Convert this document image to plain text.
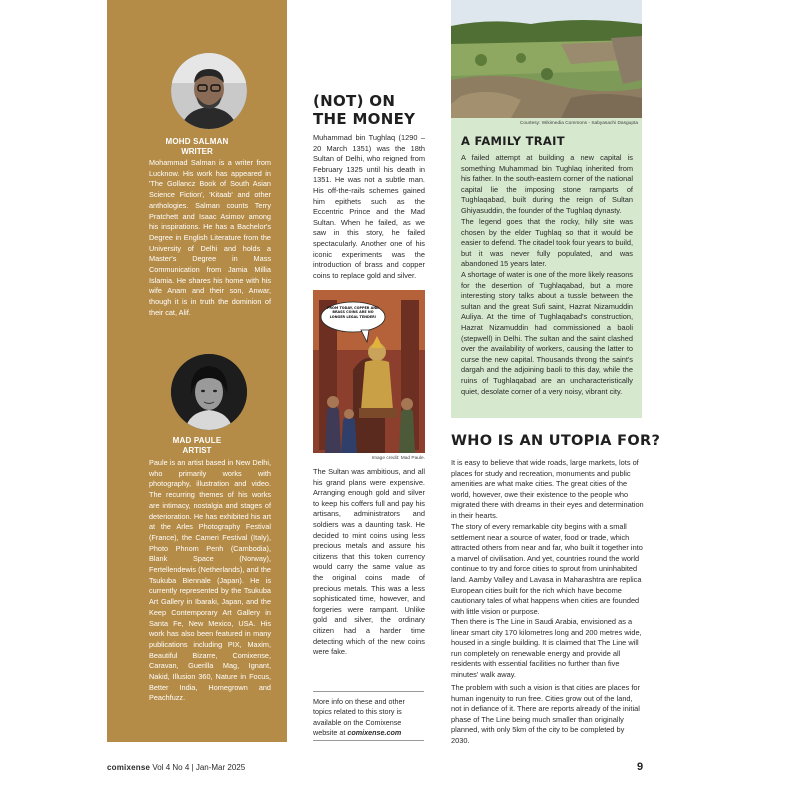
MOHD SALMAN
WRITER
Mohammad Salman is a writer from Lucknow. His work has appeared in 'The Gollancz Book of South Asian Science Fiction', 'Kitaab' and other anthologies. Salman counts Terry Pratchett and Isaac Asimov among his inspirations. He has a Bachelor's Degree in English Literature from the University of Delhi and holds a Master's Degree in Mass Communication from Jamia Millia Islamia. He shares his home with his wife Anam and their son, Anwar, though it is in truth the dominion of their cat, Alif.
MAD PAULE
ARTIST
Paule is an artist based in New Delhi, who primarily works with photography, illustration and video. The recurring themes of his works are intimacy, nostalgia and stages of deterioration. He has exhibited his art at the Arles Photography Festival (France), the Cameri Festival (Italy), Photo Phnom Penh (Cambodia), Blank Space (Norway), Fertellendewis (Netherlands), and the Tsukuba Biennale (Japan). He is currently represented by the Tsukuba Art Gallery in Ibaraki, Japan, and the Keep Contemporary Art Gallery in Santa Fe, New Mexico, USA. His work has also been featured in many publications including PIX, Maxim, Beautiful Bizarre, Comixense, Caravan, Guerilla Mag, Ignant, Nakid, Illusion 360, Nature in Focus, Better India, Homegrown and Peachfuzz.
(NOT) ON
THE MONEY
Muhammad bin Tughlaq (1290 – 20 March 1351) was the 18th Sultan of Delhi, who reigned from February 1325 until his death in 1351. He was not a subtle man. His off-the-rails schemes gained him epithets such as the Eccentric Prince and the Mad Sultan. When he failed, as we saw in this story, he failed spectacularly. Another one of his iconic experiments was the introduction of brass and copper coins to replace gold and silver.
FROM TODAY, COPPER AND BRASS COINS ARE NO LONGER LEGAL TENDER!
Image credit: Mad Paule.
The Sultan was ambitious, and all his grand plans were expensive. Arranging enough gold and silver to keep his coffers full and pay his artisans, administrators and soldiers was a daunting task. He decided to mint coins using less precious metals and assure his citizens that this token currency would carry the same value as the original coins made of precious metals. This was a less sophisticated time, however, and forgeries were rampant. Unlike gold and silver, the ordinary citizen had a harder time detecting which of the new coins were fake.
More info on these and other topics related to this story is available on the Comixense website at comixense.com
Courtesy: Wikimedia Commons - Sabyasachi Dasgupta
A FAMILY TRAIT
A failed attempt at building a new capital is something Muhammad bin Tughlaq inherited from his father. In the south-eastern corner of the national capital lie the imposing stone ramparts of Tughlaqabad, built during the reign of Sultan Ghiyasuddin, the founder of the Tughlaq dynasty.
The legend goes that the rocky, hilly site was chosen by the elder Tughlaq so that it would be easier to defend. The citadel took four years to build, but it was never fully populated, and was abandoned 15 years later.
A shortage of water is one of the more likely reasons for the desertion of Tughlaqabad, but a more interesting story talks about a tussle between the sultan and the great Sufi saint, Hazrat Nizamuddin Auliya. At the time of Tughlaqabad's construction, Hazrat Nizamuddin had commissioned a baoli (stepwell) in Delhi. The sultan and the saint clashed over the availability of workers, causing the latter to curse the new capital. Thousands throng the saint's dargah and the adjoining baoli to this day, while the ruins of Tughlaqabad are an uncharacteristically quiet, desolate corner of a very noisy, vibrant city.
WHO IS AN UTOPIA FOR?
It is easy to believe that wide roads, large markets, lots of places for study and recreation, monuments and public amenities are what make cities. The great cities of the world, however, owe their existence to the people who migrated there with dreams in their eyes and determination in their hearts.
The story of every remarkable city begins with a small settlement near a source of water, food or trade, which attracted others from near and far, who built it together into a marvel of civilisation. And yet, countries round the world continue to try and force cities to sprout from uninhabited land. Aamby Valley and Lavasa in Maharashtra are replica European cities built for the rich which have become cautionary tales of what happens when cities are founded with little vision or purpose.
Then there is The Line in Saudi Arabia, envisioned as a linear smart city 170 kilometres long and 200 metres wide, housed in a single building. It is claimed that The Line will run completely on renewable energy and provide all residents with essential facilities no further than five minutes' walk away.
The problem with such a vision is that cities are places for human ingenuity to run free. Cities grow out of the land, not in defiance of it. There are reports already of the initial phase of The Line being much smaller than originally planned, with only 5km of the city to be completed by 2030.
comixense Vol 4 No 4 | Jan-Mar 2025	9
